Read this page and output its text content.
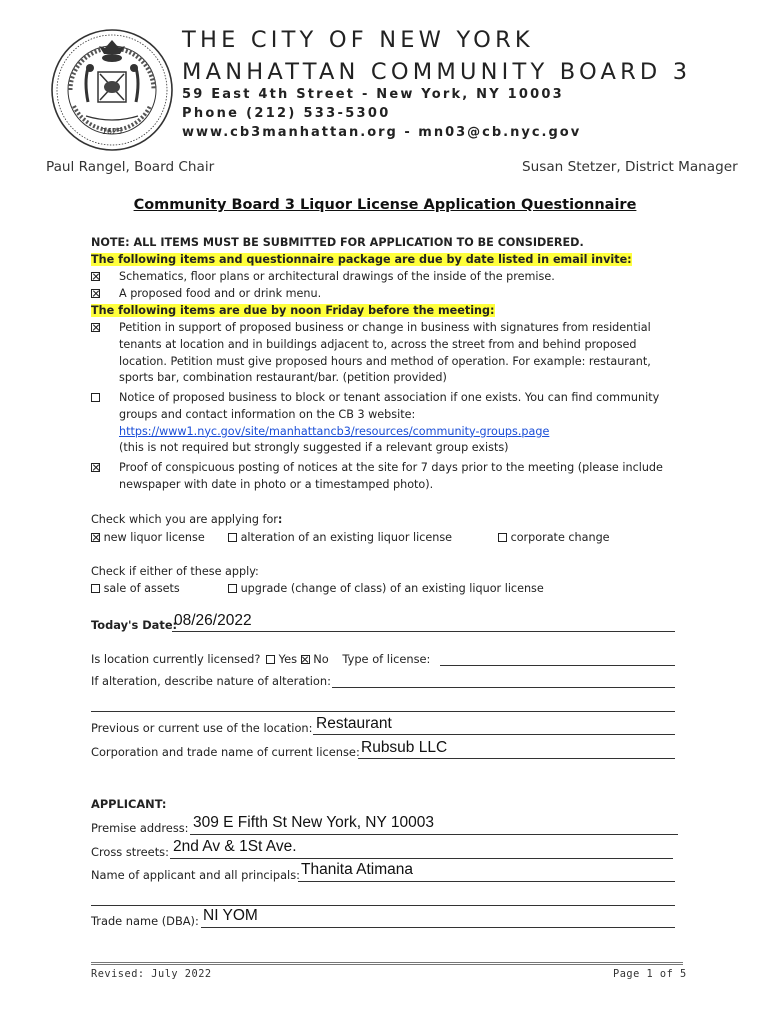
1625
THE CITY OF NEW YORK
MANHATTAN COMMUNITY BOARD 3
59 East 4th Street - New York, NY 10003
Phone (212) 533-5300
www.cb3manhattan.org - mn03@cb.nyc.gov
Paul Rangel, Board Chair	Susan Stetzer, District Manager
Community Board 3 Liquor License Application Questionnaire
NOTE: ALL ITEMS MUST BE SUBMITTED FOR APPLICATION TO BE CONSIDERED.
The following items and questionnaire package are due by date listed in email invite:
Schematics, floor plans or architectural drawings of the inside of the premise.
A proposed food and or drink menu.
The following items are due by noon Friday before the meeting:
Petition in support of proposed business or change in business with signatures from residential
tenants at location and in buildings adjacent to, across the street from and behind proposed
location. Petition must give proposed hours and method of operation. For example: restaurant,
sports bar, combination restaurant/bar. (petition provided)
Notice of proposed business to block or tenant association if one exists. You can find community
groups and contact information on the CB 3 website:
https://www1.nyc.gov/site/manhattancb3/resources/community-groups.page
(this is not required but strongly suggested if a relevant group exists)
Proof of conspicuous posting of notices at the site for 7 days prior to the meeting (please include
newspaper with date in photo or a timestamped photo).
Check which you are applying for:
new liquor license	alteration of an existing liquor license	corporate change
Check if either of these apply:
sale of assets	upgrade (change of class) of an existing liquor license
Today's Date:
08/26/2022
Is location currently licensed? Yes No Type of license:
If alteration, describe nature of alteration:
Previous or current use of the location: Restaurant
Corporation and trade name of current license: Rubsub LLC
APPLICANT:
Premise address: 309 E Fifth St New York, NY 10003
Cross streets: 2nd Av & 1St Ave.
Name of applicant and all principals: Thanita Atimana
Trade name (DBA): NI YOM
Revised: July 2022	Page 1 of 5
